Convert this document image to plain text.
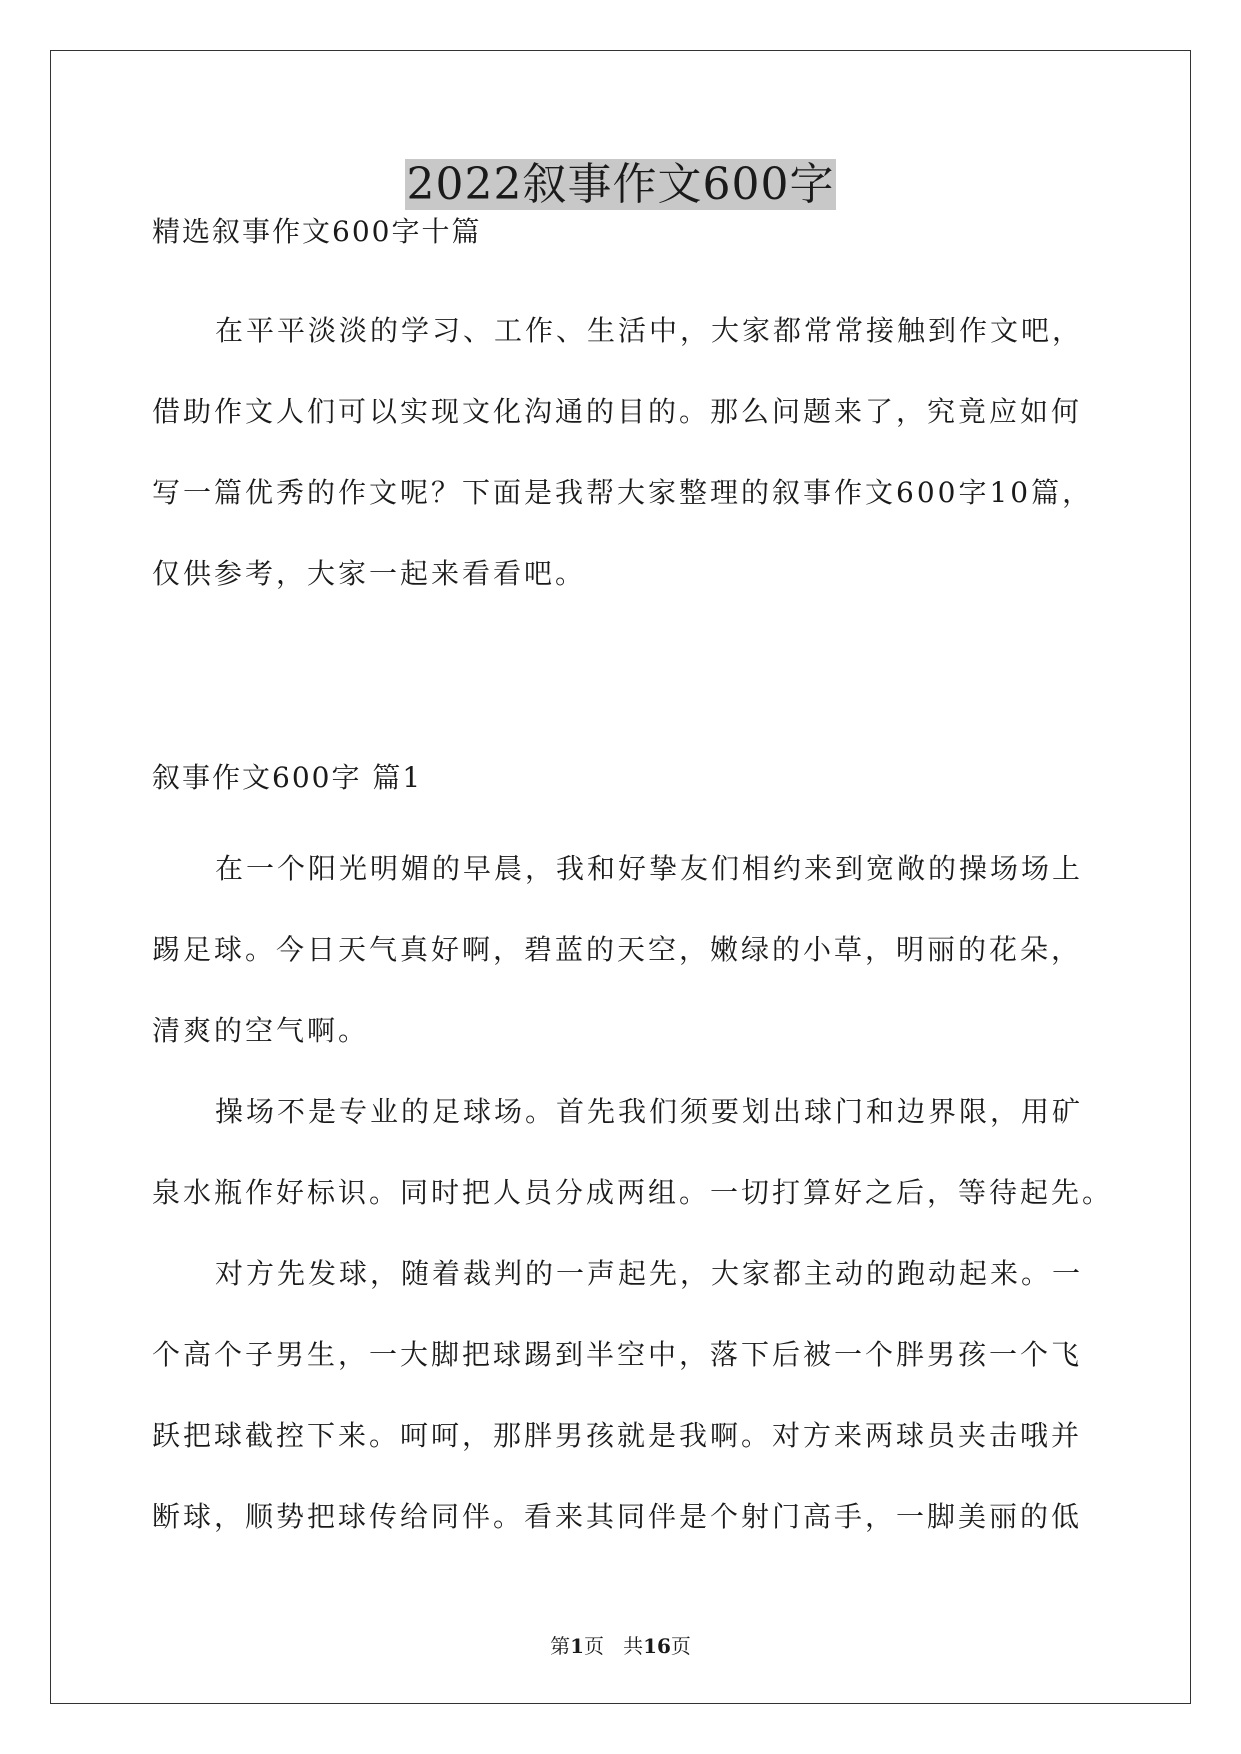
2022叙事作文600字

精选叙事作文600字十篇

在平平淡淡的学习、工作、生活中，大家都常常接触到作文吧，
借助作文人们可以实现文化沟通的目的。那么问题来了，究竟应如何
写一篇优秀的作文呢？下面是我帮大家整理的叙事作文600字10篇，
仅供参考，大家一起来看看吧。

叙事作文600字 篇1

在一个阳光明媚的早晨，我和好挚友们相约来到宽敞的操场场上
踢足球。今日天气真好啊，碧蓝的天空，嫩绿的小草，明丽的花朵，
清爽的空气啊。
操场不是专业的足球场。首先我们须要划出球门和边界限，用矿
泉水瓶作好标识。同时把人员分成两组。一切打算好之后，等待起先。
对方先发球，随着裁判的一声起先，大家都主动的跑动起来。一
个高个子男生，一大脚把球踢到半空中，落下后被一个胖男孩一个飞
跃把球截控下来。呵呵，那胖男孩就是我啊。对方来两球员夹击哦并
断球，顺势把球传给同伴。看来其同伴是个射门高手，一脚美丽的低
第1页   共16页
